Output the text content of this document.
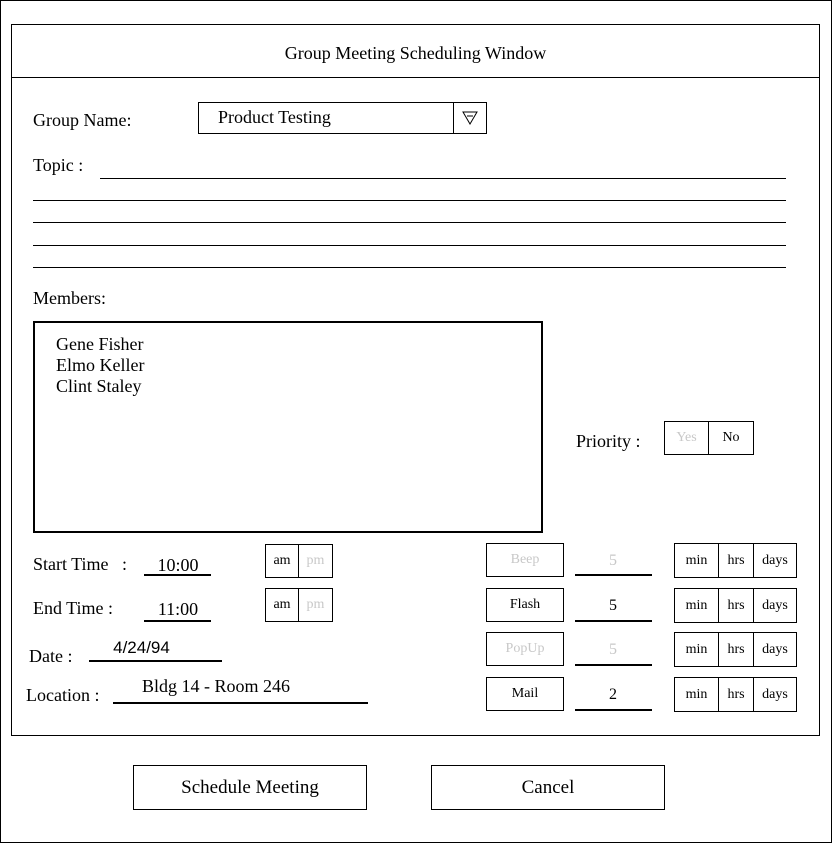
Group Meeting Scheduling Window
Group Name:	Product Testing
Topic :
Members:
Gene Fisher
Elmo Keller
Clint Staley
Priority :	Yes	No
Start Time   :	10:00	am	pm
End Time :	11:00	am	pm
Date :	4/24/94
Location :	Bldg 14 - Room 246
Beep	5	min	hrs	days
Flash	5	min	hrs	days
PopUp	5	min	hrs	days
Mail	2	min	hrs	days
Schedule Meeting	Cancel
